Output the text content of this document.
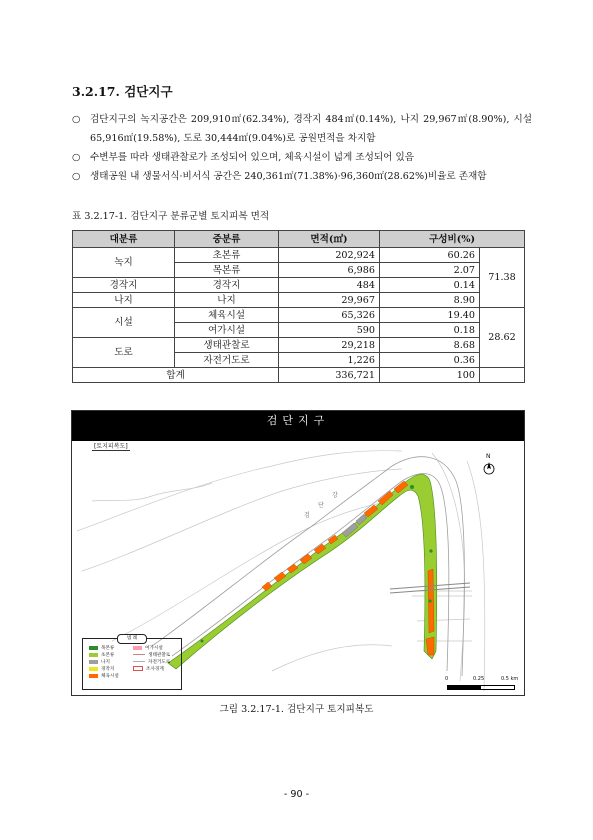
3.2.17. 검단지구
○ 검단지구의 녹지공간은 209,910㎡(62.34%), 경작지 484㎡(0.14%), 나지 29,967㎡(8.90%), 시설 65,916㎡(19.58%), 도로 30,444㎡(9.04%)로 공원면적을 차지함
○ 수변부를 따라 생태관찰로가 조성되어 있으며, 체육시설이 넓게 조성되어 있음
○ 생태공원 내 생물서식·비서식 공간은 240,361㎡(71.38%)·96,360㎡(28.62%)비율로 존재함
표 3.2.17-1. 검단지구 분류군별 토지피복 면적
대분류	중분류	면적(㎡)	구성비(%)	
녹지	초본류	202,924	60.26	71.38
	목본류	6,986	2.07	
경작지	경작지	484	0.14	
나지	나지	29,967	8.90	
시설	체육시설	65,326	19.40	28.62
	여가시설	590	0.18	
도로	생태관찰로	29,218	8.68	
	자전거도로	1,226	0.36	
합계		336,721	100	
검단지구
검
단
강
[토지피복도]
N
범 례
목본류
초본류
나지
경작지
체육시설
여가시설
생태관찰로
자전거도로
조사경계
0	0.25	0.5 km
그림 3.2.17-1. 검단지구 토지피복도
- 90 -
